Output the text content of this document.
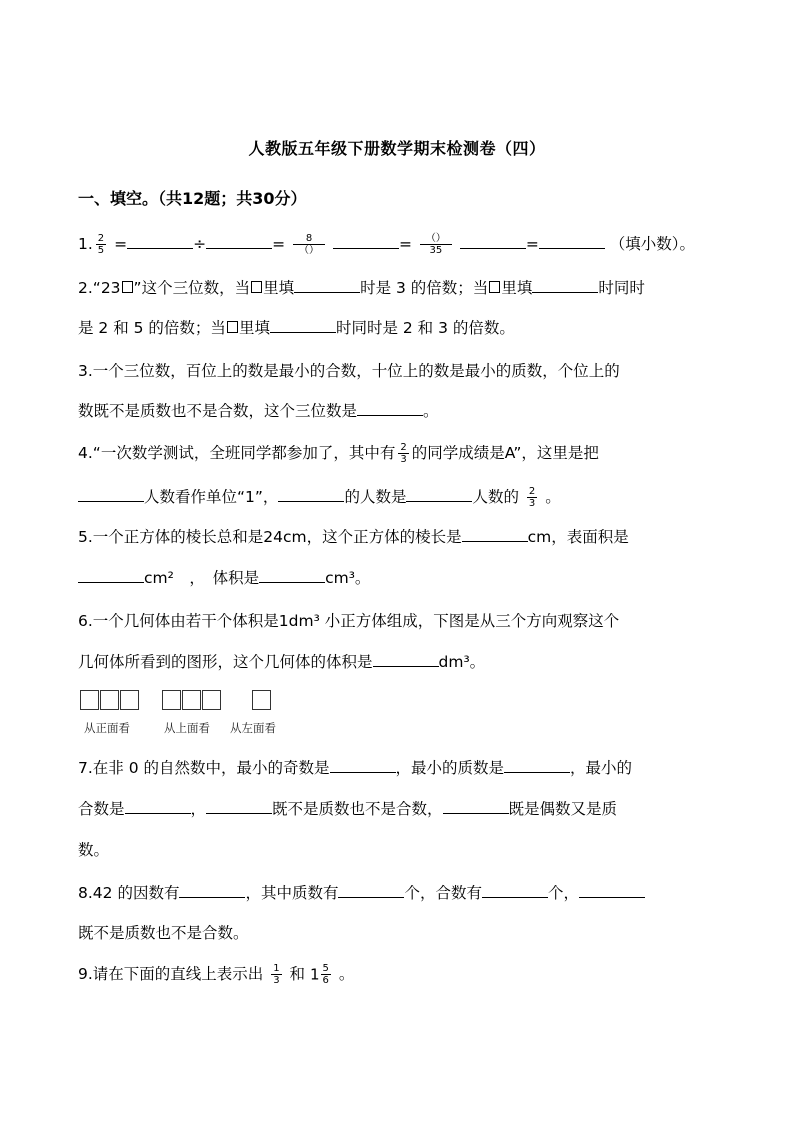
人教版五年级下册数学期末检测卷（四）
一、填空。（共12题；共30分）
1. $\frac{2}{5}$ =	÷	= $\frac{8}{()}$	= $\frac{()}{35}$	=	（填小数）。
2.“23 ”这个三位数，当 里填	时是 3 的倍数；当 里填	时同时
是 2 和 5 的倍数；当 里填	时同时是 2 和 3 的倍数。
3.一个三位数，百位上的数是最小的合数，十位上的数是最小的质数，个位上的
数既不是质数也不是合数，这个三位数是	。
4.“一次数学测试，全班同学都参加了，其中有 $\frac{2}{3}$ 的同学成绩是A”，这里是把
人数看作单位“1”，	的人数是	人数的 $\frac{2}{3}$ 。
5.一个正方体的棱长总和是24cm，这个正方体的棱长是	cm，表面积是
cm²　，　体积是	cm³。
6.一个几何体由若干个体积是1dm³ 小正方体组成，下图是从三个方向观察这个
几何体所看到的图形，这个几何体的体积是	dm³。
从正面看	从上面看 从左面看
7.在非 0 的自然数中，最小的奇数是	，最小的质数是	，最小的
合数是	，	既不是质数也不是合数，	既是偶数又是质
数。
8.42 的因数有	，其中质数有	个，合数有	个，
既不是质数也不是合数。
9.请在下面的直线上表示出 $\frac{1}{3}$ 和 $1 \frac{5}{6}$ 。
